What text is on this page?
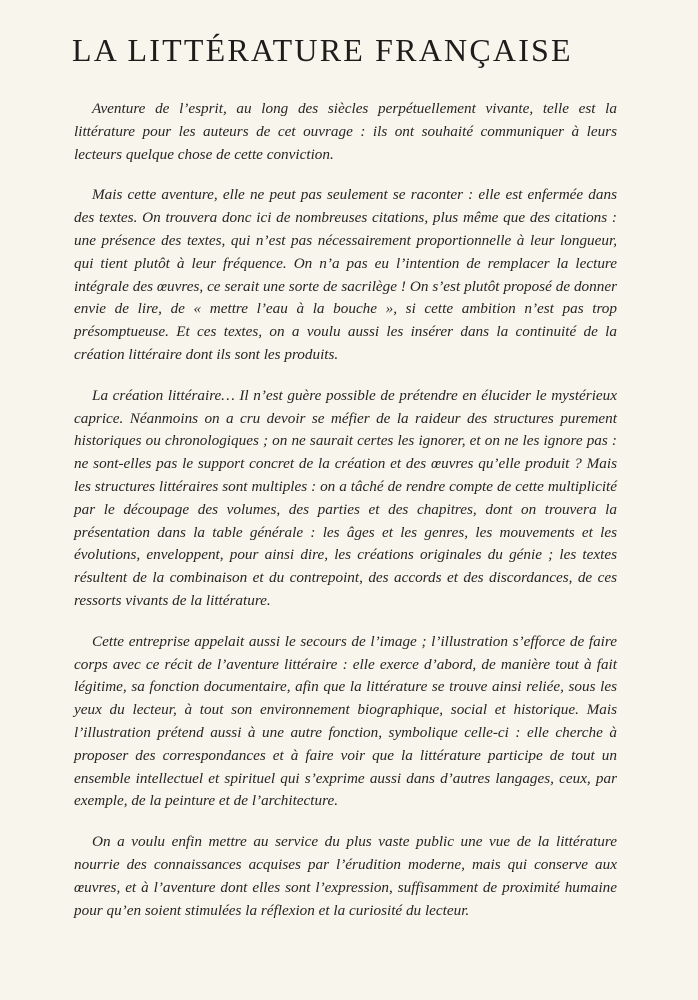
LA LITTÉRATURE FRANÇAISE

Aventure de l’esprit, au long des siècles perpétuellement vivante, telle est la littérature pour les auteurs de cet ouvrage : ils ont souhaité communiquer à leurs lecteurs quelque chose de cette conviction.

Mais cette aventure, elle ne peut pas seulement se raconter : elle est enfermée dans des textes. On trouvera donc ici de nombreuses citations, plus même que des citations : une présence des textes, qui n’est pas nécessairement proportionnelle à leur longueur, qui tient plutôt à leur fréquence. On n’a pas eu l’intention de remplacer la lecture intégrale des œuvres, ce serait une sorte de sacrilège ! On s’est plutôt proposé de donner envie de lire, de « mettre l’eau à la bouche », si cette ambition n’est pas trop présomptueuse. Et ces textes, on a voulu aussi les insérer dans la continuité de la création littéraire dont ils sont les produits.

La création littéraire… Il n’est guère possible de prétendre en élucider le mystérieux caprice. Néanmoins on a cru devoir se méfier de la raideur des structures purement historiques ou chronologiques ; on ne saurait certes les ignorer, et on ne les ignore pas : ne sont-elles pas le support concret de la création et des œuvres qu’elle produit ? Mais les structures littéraires sont multiples : on a tâché de rendre compte de cette multiplicité par le découpage des volumes, des parties et des chapitres, dont on trouvera la présentation dans la table générale : les âges et les genres, les mouvements et les évolutions, enveloppent, pour ainsi dire, les créations originales du génie ; les textes résultent de la combinaison et du contrepoint, des accords et des discordances, de ces ressorts vivants de la littérature.

Cette entreprise appelait aussi le secours de l’image ; l’illustration s’efforce de faire corps avec ce récit de l’aventure littéraire : elle exerce d’abord, de manière tout à fait légitime, sa fonction documentaire, afin que la littérature se trouve ainsi reliée, sous les yeux du lecteur, à tout son environnement biographique, social et historique. Mais l’illustration prétend aussi à une autre fonction, symbolique celle-ci : elle cherche à proposer des correspondances et à faire voir que la littérature participe de tout un ensemble intellectuel et spirituel qui s’exprime aussi dans d’autres langages, ceux, par exemple, de la peinture et de l’architecture.

On a voulu enfin mettre au service du plus vaste public une vue de la littérature nourrie des connaissances acquises par l’érudition moderne, mais qui conserve aux œuvres, et à l’aventure dont elles sont l’expression, suffisamment de proximité humaine pour qu’en soient stimulées la réflexion et la curiosité du lecteur.
